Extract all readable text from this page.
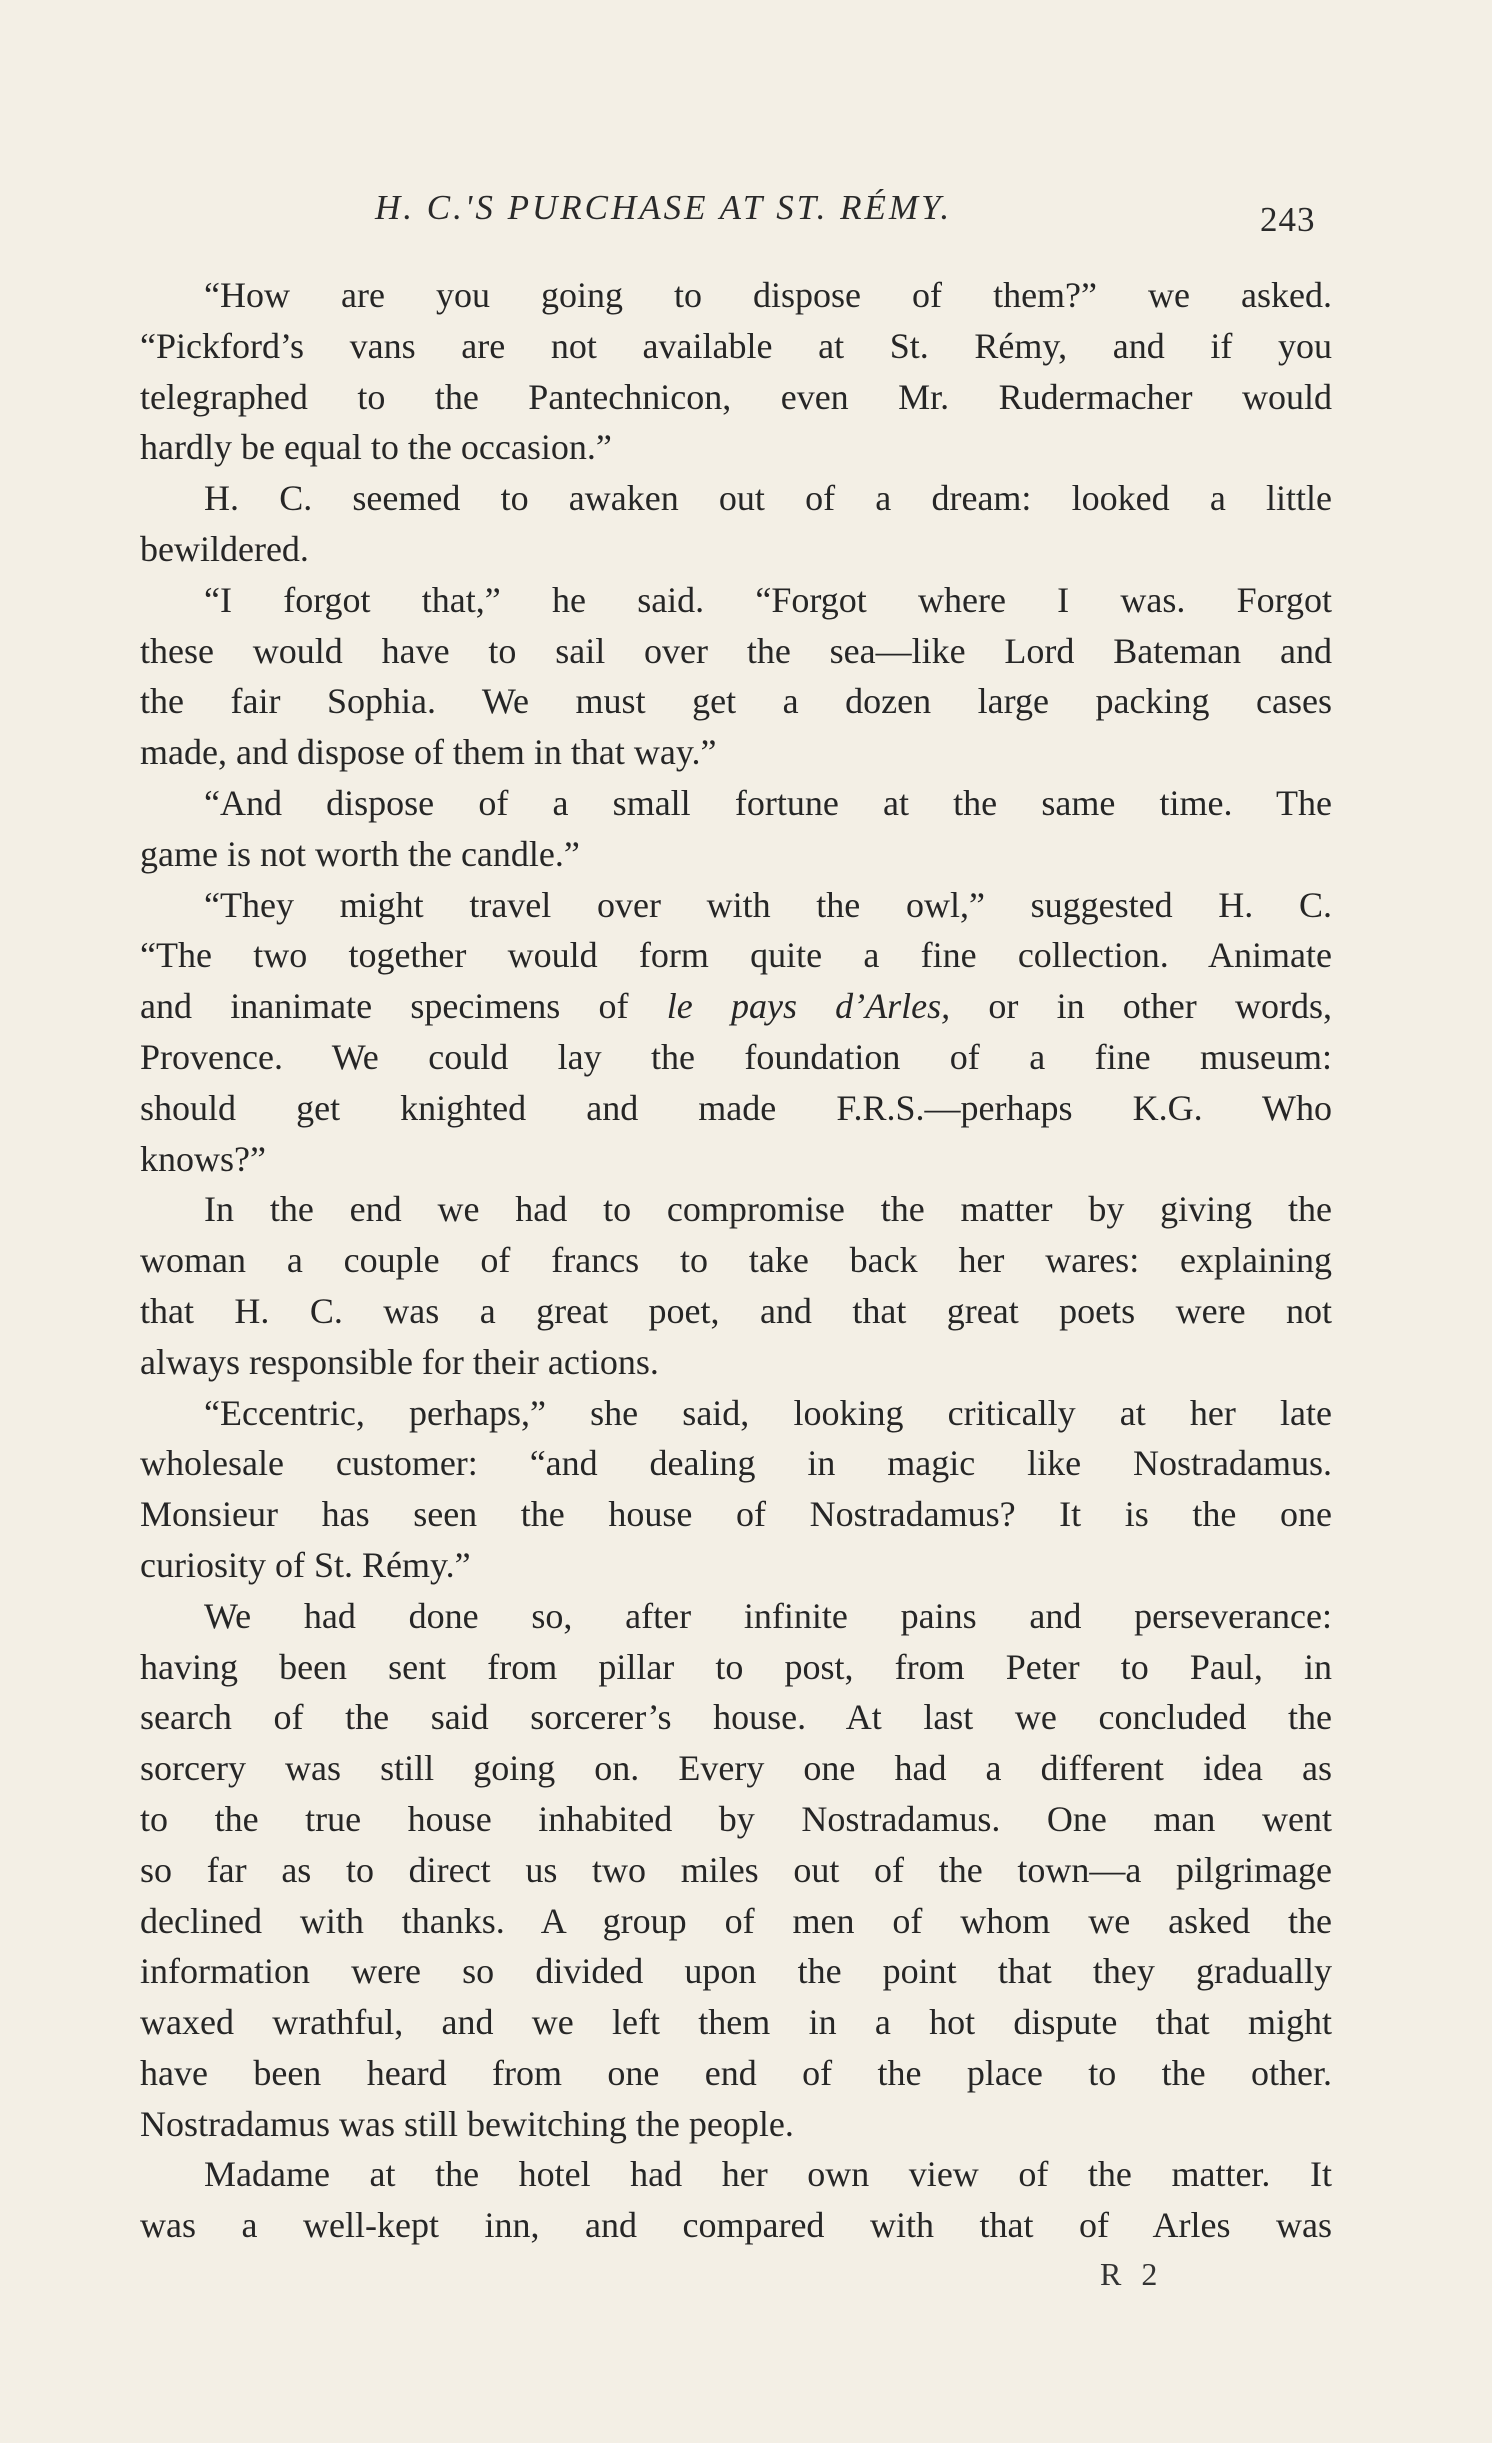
H. C.'S PURCHASE AT ST. RÉMY.	243
“How are you going to dispose of them?” we asked.
“Pickford’s vans are not available at St. Rémy, and if you
telegraphed to the Pantechnicon, even Mr. Rudermacher would
hardly be equal to the occasion.”
H. C. seemed to awaken out of a dream: looked a little
bewildered.
“I forgot that,” he said. “Forgot where I was. Forgot
these would have to sail over the sea—like Lord Bateman and
the fair Sophia. We must get a dozen large packing cases
made, and dispose of them in that way.”
“And dispose of a small fortune at the same time. The
game is not worth the candle.”
“They might travel over with the owl,” suggested H. C.
“The two together would form quite a fine collection. Animate
and inanimate specimens of le pays d’Arles, or in other words,
Provence. We could lay the foundation of a fine museum:
should get knighted and made F.R.S.—perhaps K.G. Who
knows?”
In the end we had to compromise the matter by giving the
woman a couple of francs to take back her wares: explaining
that H. C. was a great poet, and that great poets were not
always responsible for their actions.
“Eccentric, perhaps,” she said, looking critically at her late
wholesale customer: “and dealing in magic like Nostradamus.
Monsieur has seen the house of Nostradamus? It is the one
curiosity of St. Rémy.”
We had done so, after infinite pains and perseverance:
having been sent from pillar to post, from Peter to Paul, in
search of the said sorcerer’s house. At last we concluded the
sorcery was still going on. Every one had a different idea as
to the true house inhabited by Nostradamus. One man went
so far as to direct us two miles out of the town—a pilgrimage
declined with thanks. A group of men of whom we asked the
information were so divided upon the point that they gradually
waxed wrathful, and we left them in a hot dispute that might
have been heard from one end of the place to the other.
Nostradamus was still bewitching the people.
Madame at the hotel had her own view of the matter. It
was a well-kept inn, and compared with that of Arles was
R 2
